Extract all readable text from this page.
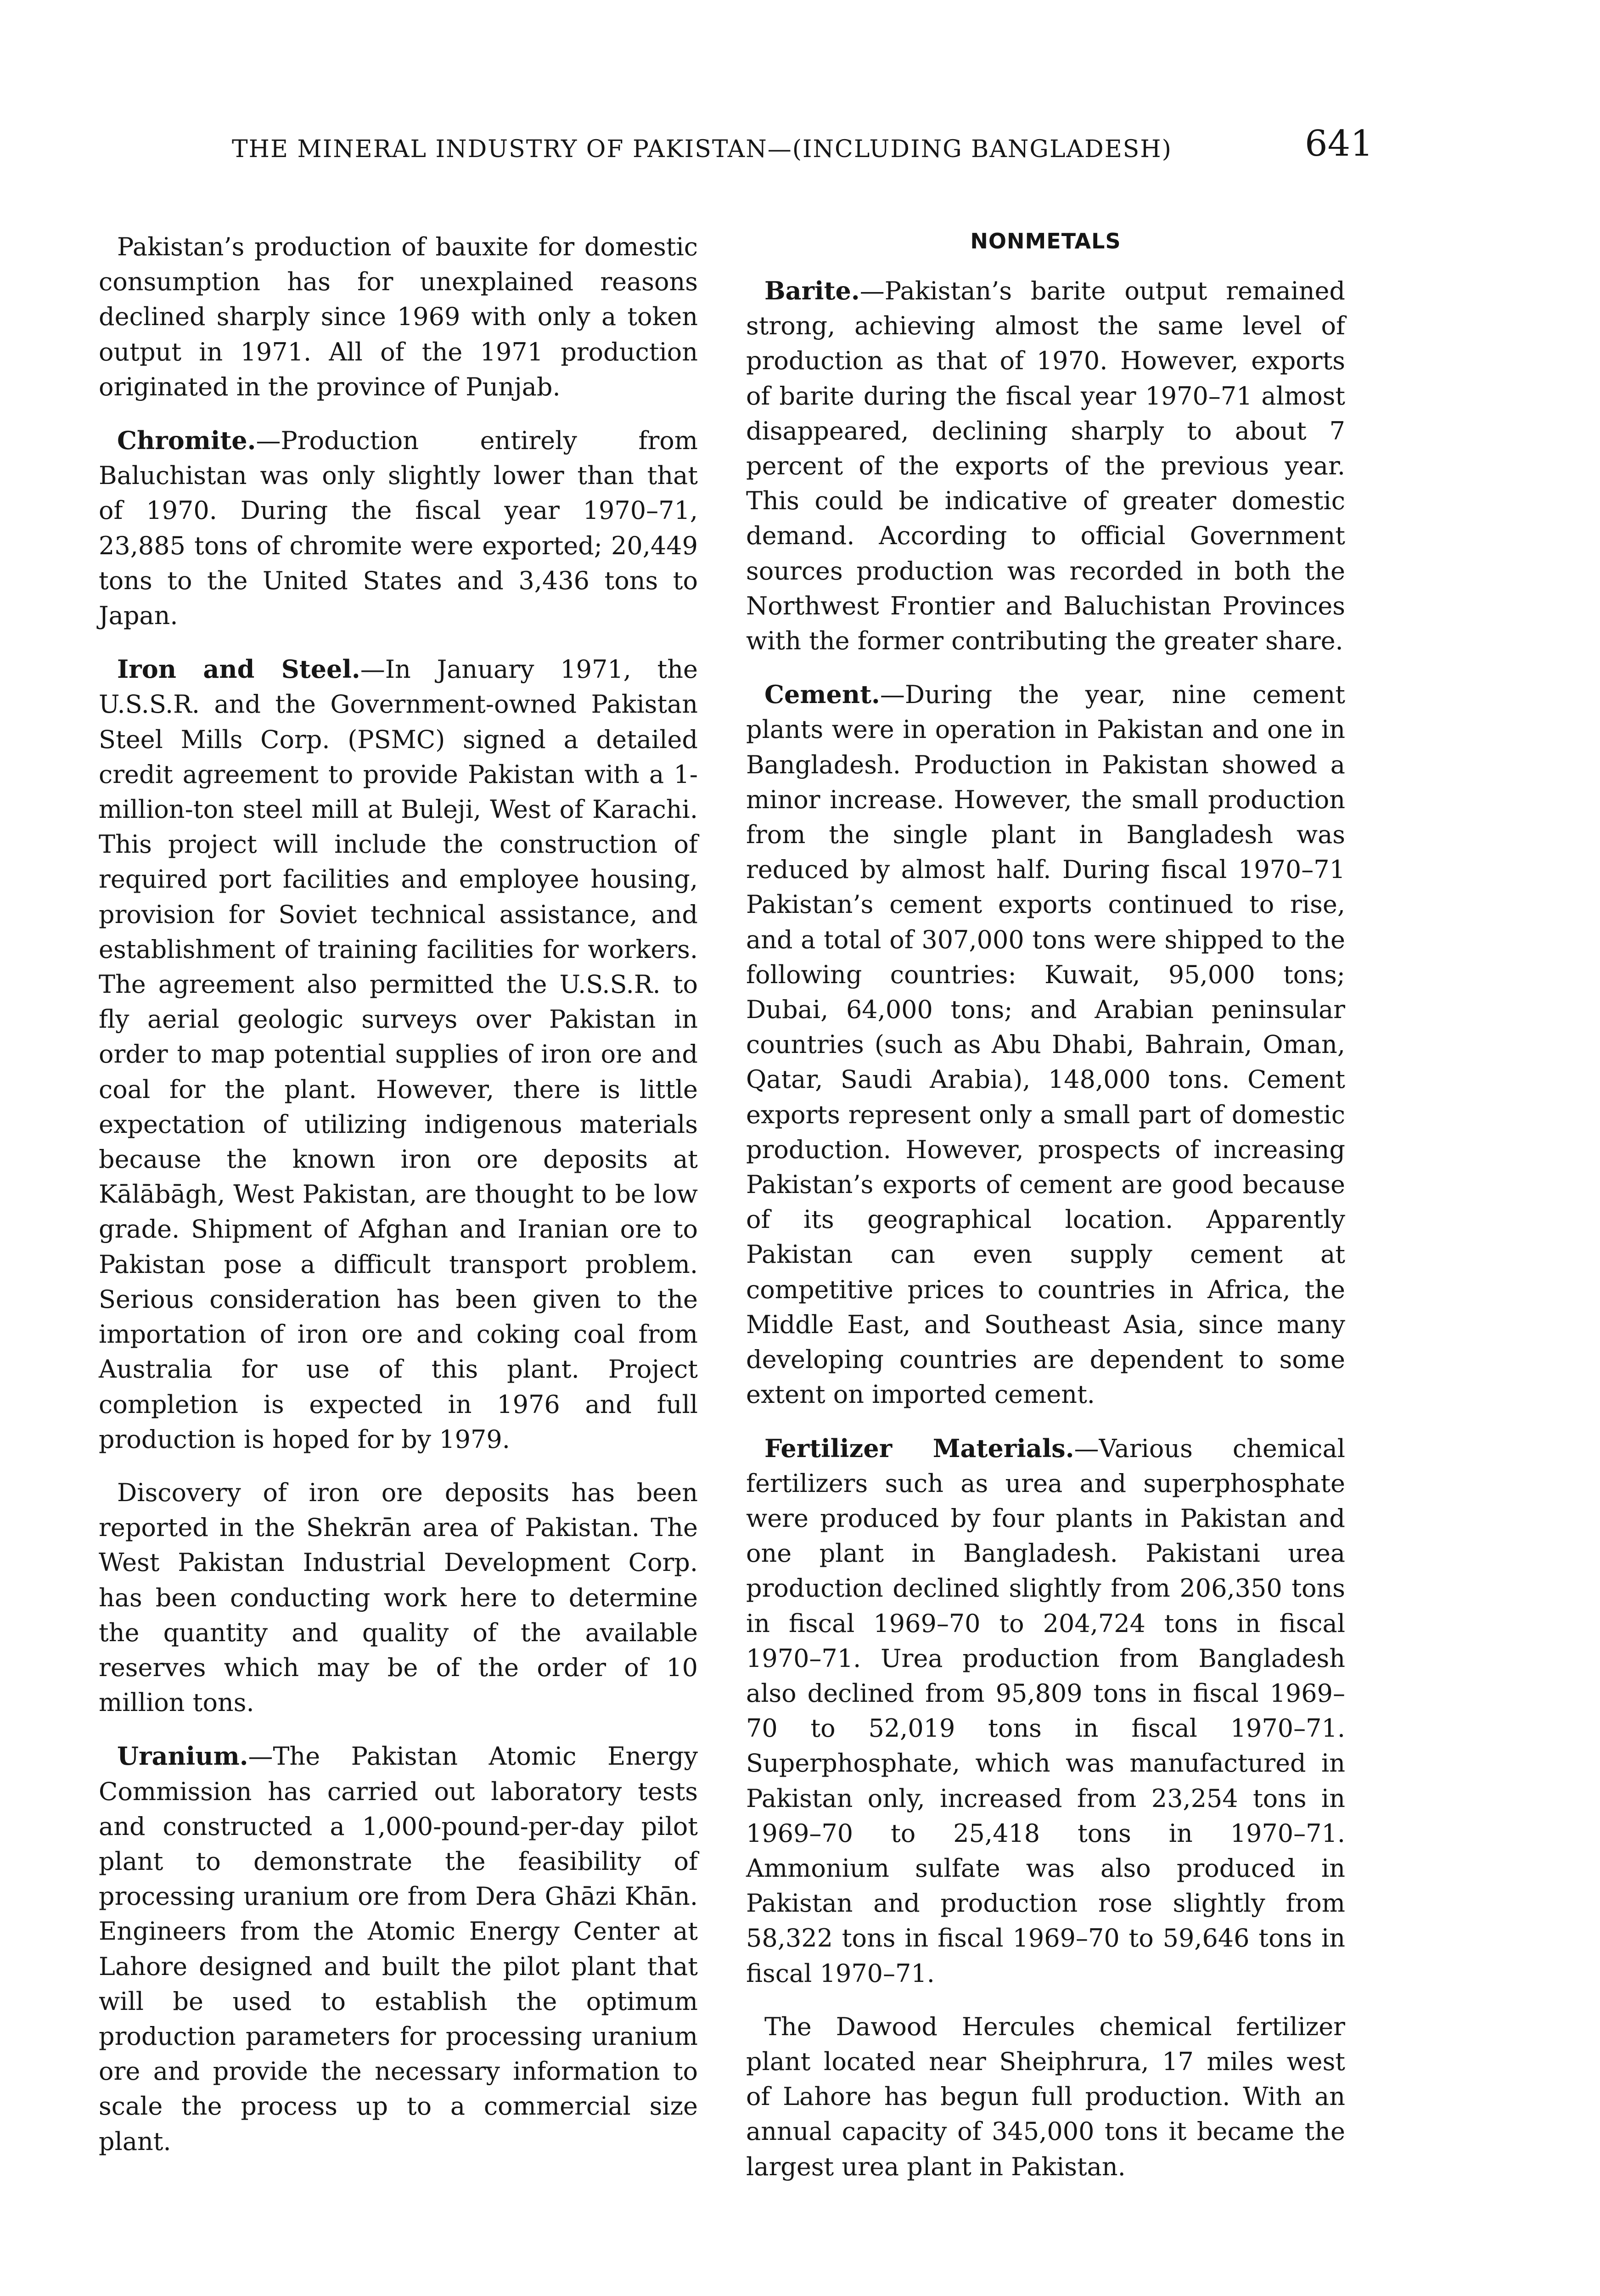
THE MINERAL INDUSTRY OF PAKISTAN—(INCLUDING BANGLADESH)	641

Pakistan’s production of bauxite for domestic consumption has for unexplained reasons declined sharply since 1969 with only a token output in 1971. All of the 1971 production originated in the province of Punjab.

Chromite.—Production entirely from Baluchistan was only slightly lower than that of 1970. During the fiscal year 1970–71, 23,885 tons of chromite were exported; 20,449 tons to the United States and 3,436 tons to Japan.

Iron and Steel.—In January 1971, the U.S.S.R. and the Government-owned Pakistan Steel Mills Corp. (PSMC) signed a detailed credit agreement to provide Pakistan with a 1-million-ton steel mill at Buleji, West of Karachi. This project will include the construction of required port facilities and employee housing, provision for Soviet technical assistance, and establishment of training facilities for workers. The agreement also permitted the U.S.S.R. to fly aerial geologic surveys over Pakistan in order to map potential supplies of iron ore and coal for the plant. However, there is little expectation of utilizing indigenous materials because the known iron ore deposits at Kālābāgh, West Pakistan, are thought to be low grade. Shipment of Afghan and Iranian ore to Pakistan pose a difficult transport problem. Serious consideration has been given to the importation of iron ore and coking coal from Australia for use of this plant. Project completion is expected in 1976 and full production is hoped for by 1979.

Discovery of iron ore deposits has been reported in the Shekrān area of Pakistan. The West Pakistan Industrial Development Corp. has been conducting work here to determine the quantity and quality of the available reserves which may be of the order of 10 million tons.

Uranium.—The Pakistan Atomic Energy Commission has carried out laboratory tests and constructed a 1,000-pound-per-day pilot plant to demonstrate the feasibility of processing uranium ore from Dera Ghāzi Khān. Engineers from the Atomic Energy Center at Lahore designed and built the pilot plant that will be used to establish the optimum production parameters for processing uranium ore and provide the necessary information to scale the process up to a commercial size plant.

NONMETALS

Barite.—Pakistan’s barite output remained strong, achieving almost the same level of production as that of 1970. However, exports of barite during the fiscal year 1970–71 almost disappeared, declining sharply to about 7 percent of the exports of the previous year. This could be indicative of greater domestic demand. According to official Government sources production was recorded in both the Northwest Frontier and Baluchistan Provinces with the former contributing the greater share.

Cement.—During the year, nine cement plants were in operation in Pakistan and one in Bangladesh. Production in Pakistan showed a minor increase. However, the small production from the single plant in Bangladesh was reduced by almost half. During fiscal 1970–71 Pakistan’s cement exports continued to rise, and a total of 307,000 tons were shipped to the following countries: Kuwait, 95,000 tons; Dubai, 64,000 tons; and Arabian peninsular countries (such as Abu Dhabi, Bahrain, Oman, Qatar, Saudi Arabia), 148,000 tons. Cement exports represent only a small part of domestic production. However, prospects of increasing Pakistan’s exports of cement are good because of its geographical location. Apparently Pakistan can even supply cement at competitive prices to countries in Africa, the Middle East, and Southeast Asia, since many developing countries are dependent to some extent on imported cement.

Fertilizer Materials.—Various chemical fertilizers such as urea and superphosphate were produced by four plants in Pakistan and one plant in Bangladesh. Pakistani urea production declined slightly from 206,350 tons in fiscal 1969–70 to 204,724 tons in fiscal 1970–71. Urea production from Bangladesh also declined from 95,809 tons in fiscal 1969–70 to 52,019 tons in fiscal 1970–71. Superphosphate, which was manufactured in Pakistan only, increased from 23,254 tons in 1969–70 to 25,418 tons in 1970–71. Ammonium sulfate was also produced in Pakistan and production rose slightly from 58,322 tons in fiscal 1969–70 to 59,646 tons in fiscal 1970–71.

The Dawood Hercules chemical fertilizer plant located near Sheiphrura, 17 miles west of Lahore has begun full production. With an annual capacity of 345,000 tons it became the largest urea plant in Pakistan.
